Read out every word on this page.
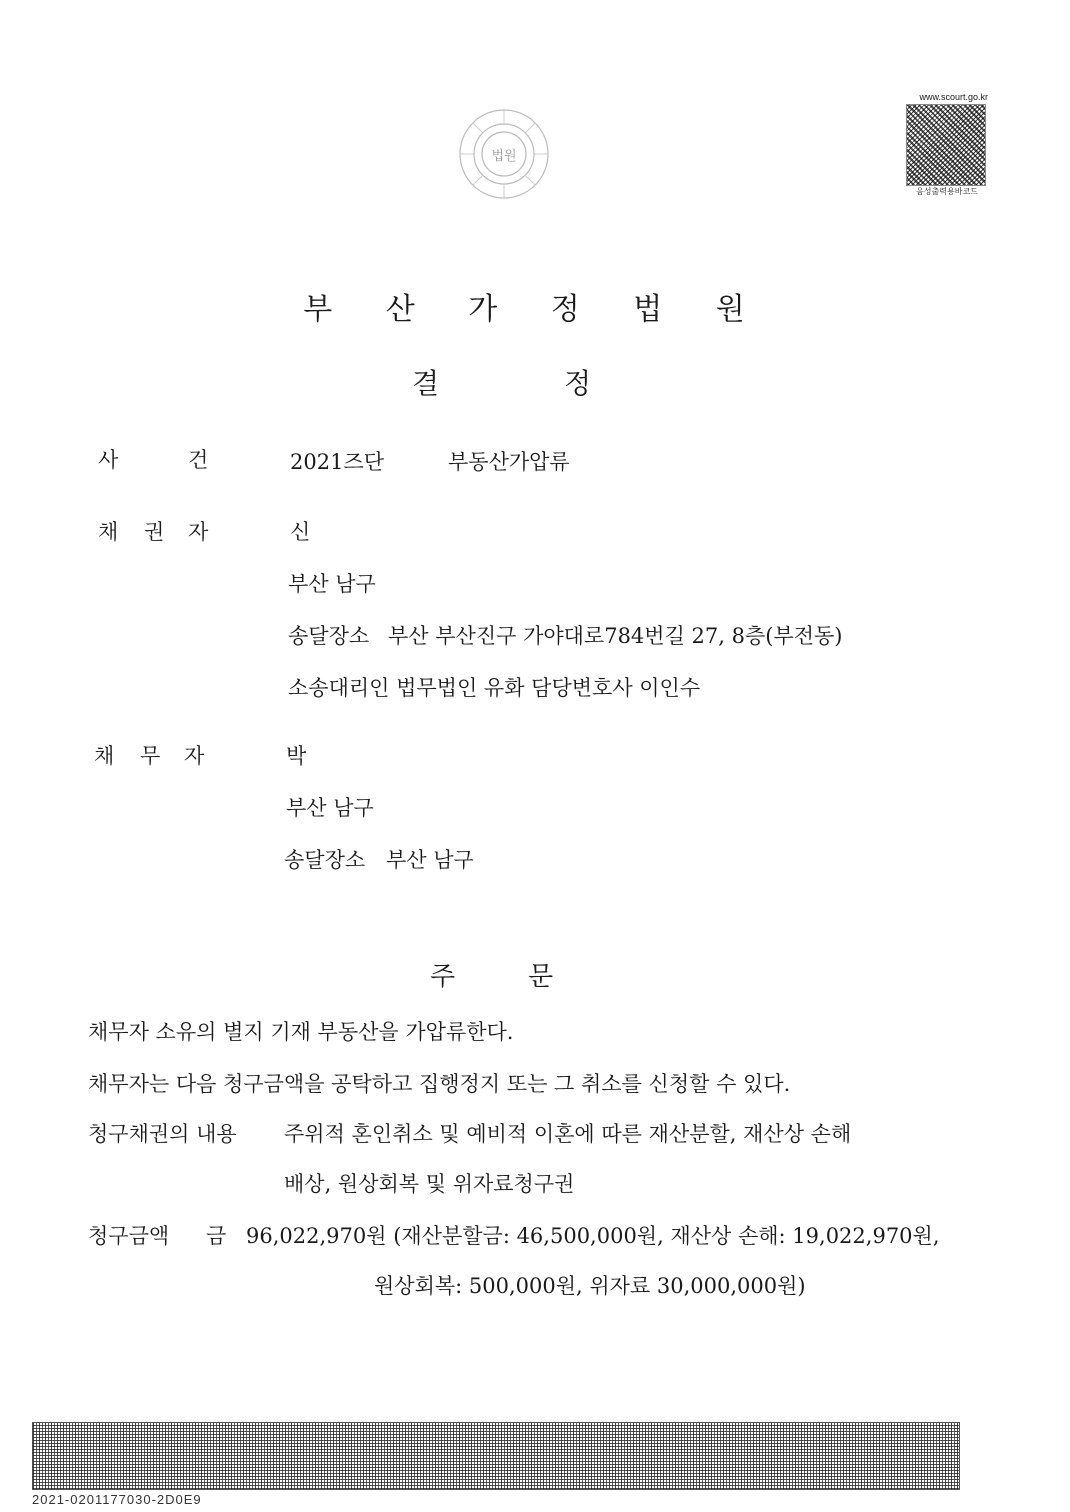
법원
www.scourt.go.kr
음성출력용바코드
부 산 가 정 법 원
결	정
사	건	2021즈단	부동산가압류
채 권 자	신
부산 남구
송달장소 부산 부산진구 가야대로784번길 27, 8층(부전동)
소송대리인 법무법인 유화 담당변호사 이인수
채 무 자	박
부산 남구
송달장소 부산 남구
주	문
채무자 소유의 별지 기재 부동산을 가압류한다.
채무자는 다음 청구금액을 공탁하고 집행정지 또는 그 취소를 신청할 수 있다.
청구채권의 내용 주위적 혼인취소 및 예비적 이혼에 따른 재산분할, 재산상 손해
배상, 원상회복 및 위자료청구권
청구금액 금 96,022,970원 (재산분할금: 46,500,000원, 재산상 손해: 19,022,970원,
원상회복: 500,000원, 위자료 30,000,000원)
2021-0201177030-2D0E9
